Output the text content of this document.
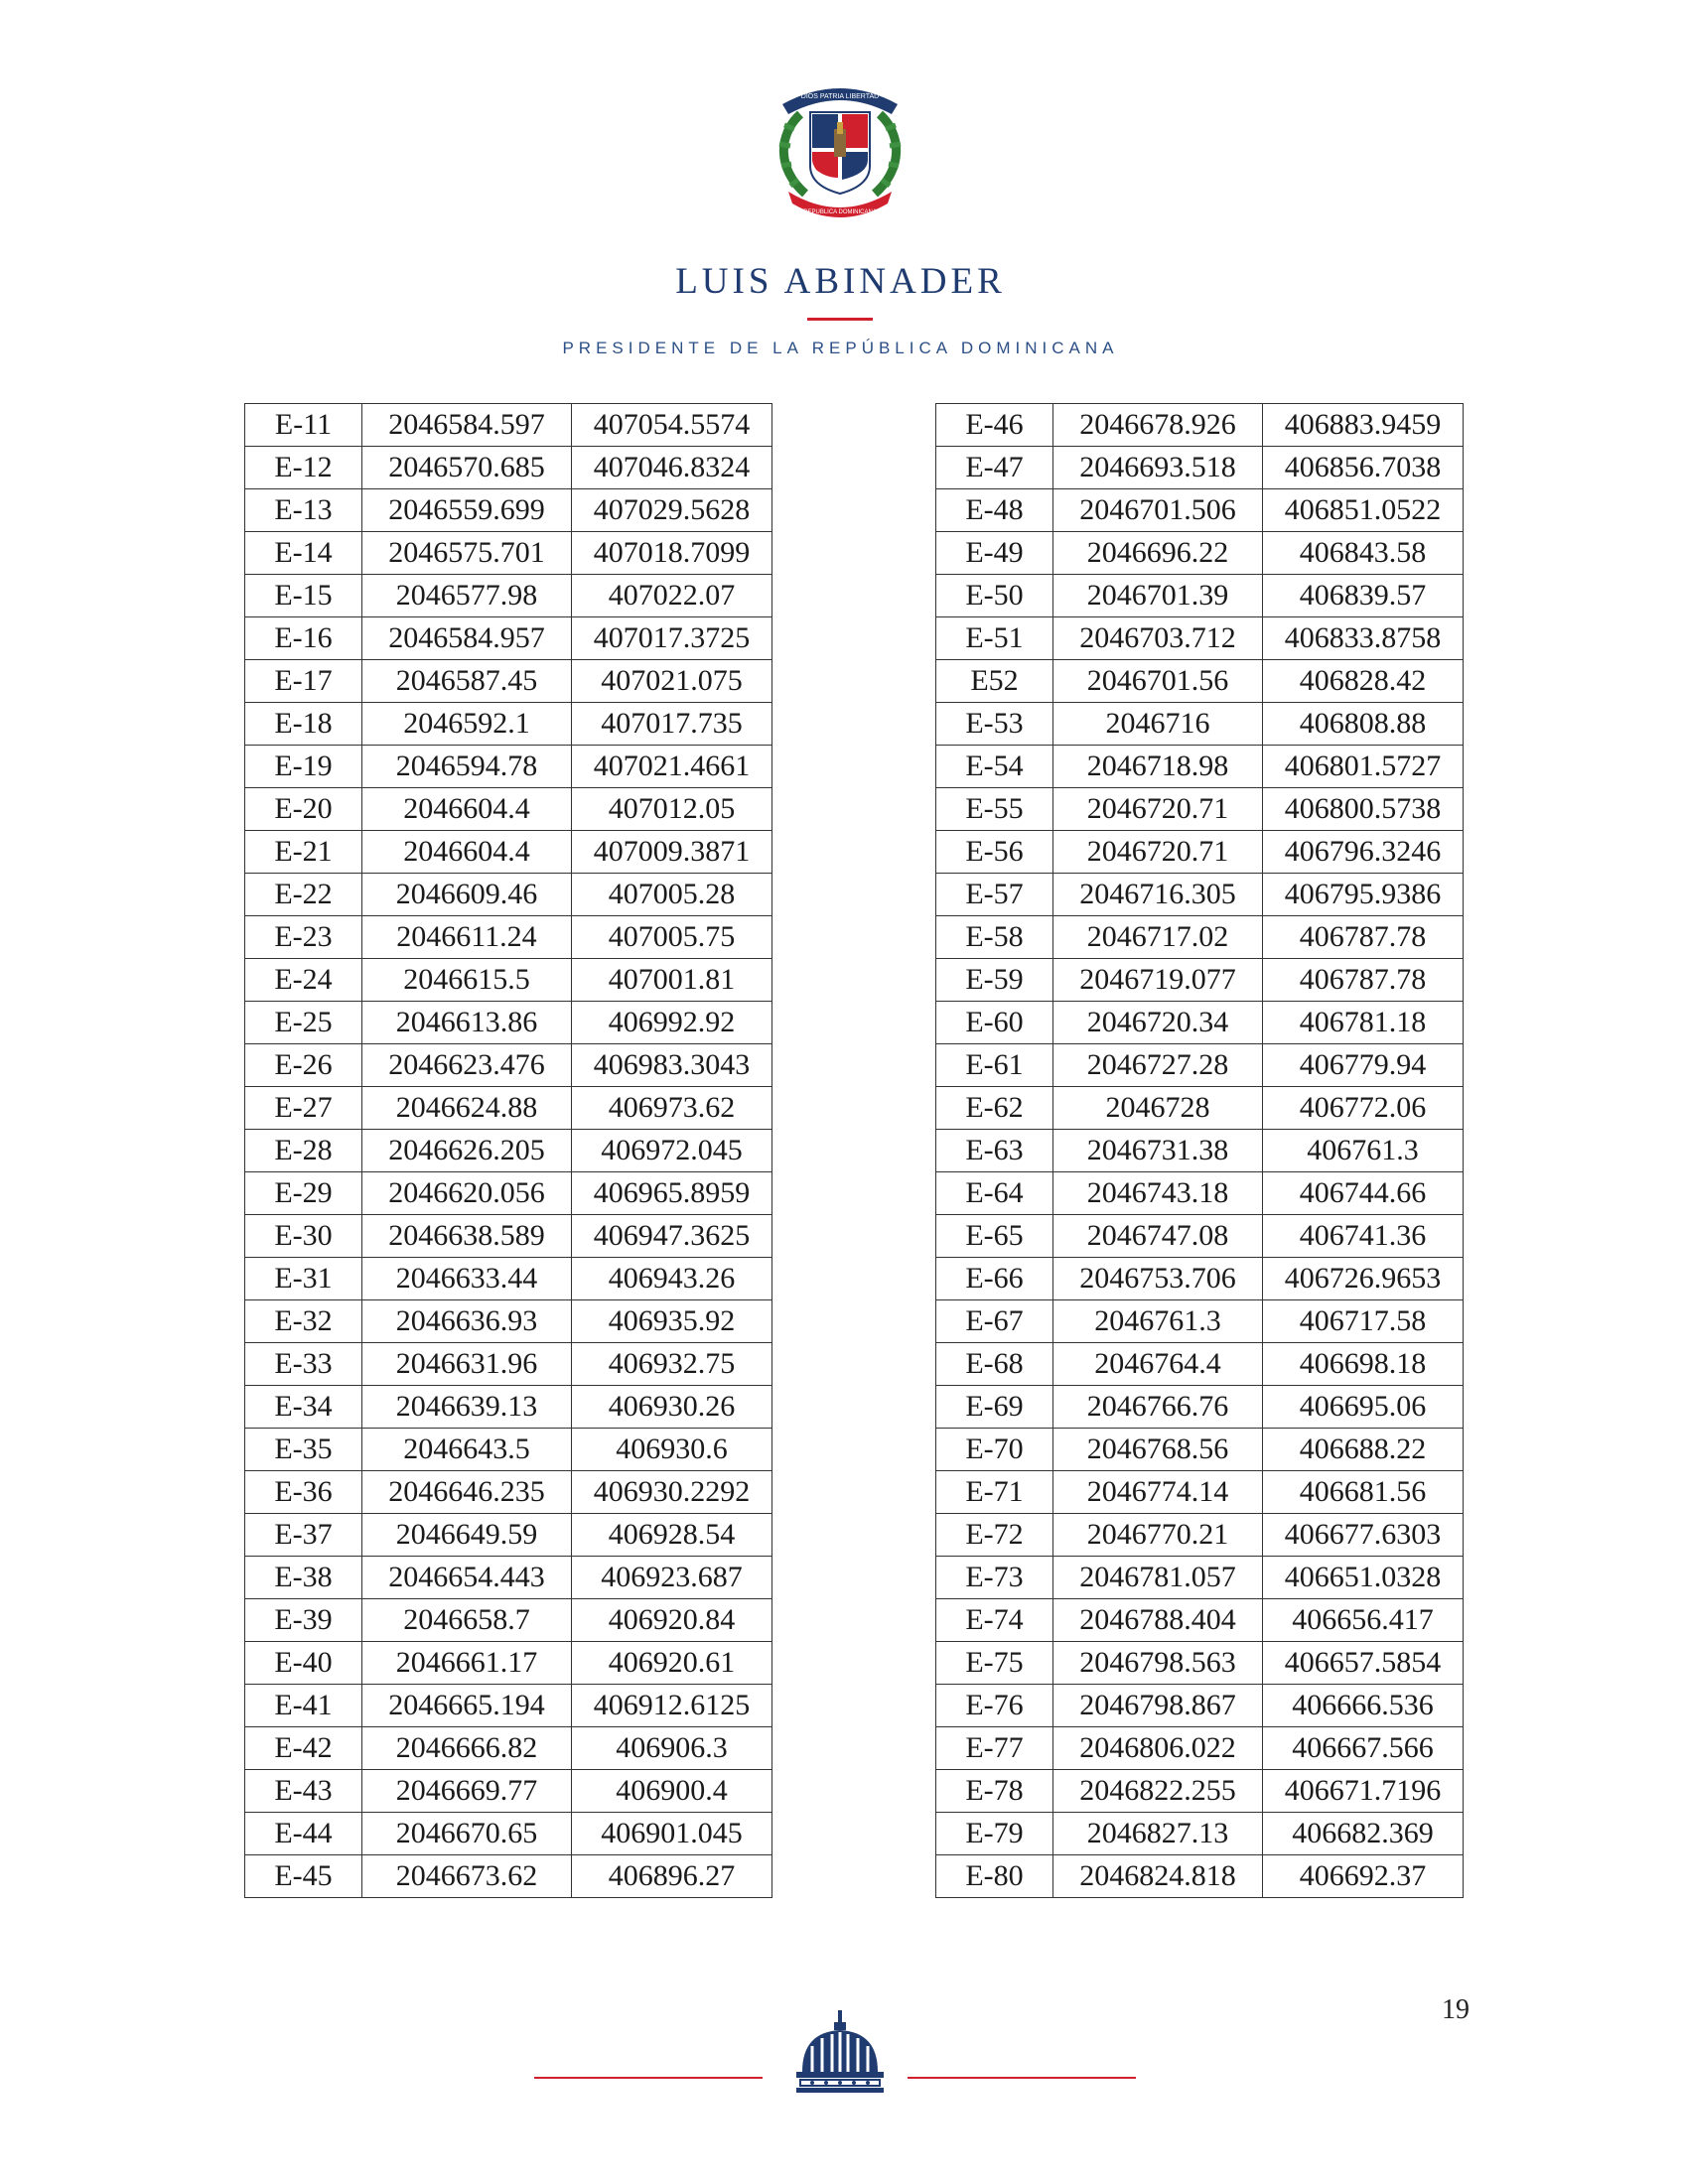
DIOS PATRIA LIBERTAD
REPUBLICA DOMINICANA
LUIS ABINADER
PRESIDENTE DE LA REPÚBLICA DOMINICANA
E-11	2046584.597	407054.5574
E-12	2046570.685	407046.8324
E-13	2046559.699	407029.5628
E-14	2046575.701	407018.7099
E-15	2046577.98	407022.07
E-16	2046584.957	407017.3725
E-17	2046587.45	407021.075
E-18	2046592.1	407017.735
E-19	2046594.78	407021.4661
E-20	2046604.4	407012.05
E-21	2046604.4	407009.3871
E-22	2046609.46	407005.28
E-23	2046611.24	407005.75
E-24	2046615.5	407001.81
E-25	2046613.86	406992.92
E-26	2046623.476	406983.3043
E-27	2046624.88	406973.62
E-28	2046626.205	406972.045
E-29	2046620.056	406965.8959
E-30	2046638.589	406947.3625
E-31	2046633.44	406943.26
E-32	2046636.93	406935.92
E-33	2046631.96	406932.75
E-34	2046639.13	406930.26
E-35	2046643.5	406930.6
E-36	2046646.235	406930.2292
E-37	2046649.59	406928.54
E-38	2046654.443	406923.687
E-39	2046658.7	406920.84
E-40	2046661.17	406920.61
E-41	2046665.194	406912.6125
E-42	2046666.82	406906.3
E-43	2046669.77	406900.4
E-44	2046670.65	406901.045
E-45	2046673.62	406896.27
E-46	2046678.926	406883.9459
E-47	2046693.518	406856.7038
E-48	2046701.506	406851.0522
E-49	2046696.22	406843.58
E-50	2046701.39	406839.57
E-51	2046703.712	406833.8758
E52	2046701.56	406828.42
E-53	2046716	406808.88
E-54	2046718.98	406801.5727
E-55	2046720.71	406800.5738
E-56	2046720.71	406796.3246
E-57	2046716.305	406795.9386
E-58	2046717.02	406787.78
E-59	2046719.077	406787.78
E-60	2046720.34	406781.18
E-61	2046727.28	406779.94
E-62	2046728	406772.06
E-63	2046731.38	406761.3
E-64	2046743.18	406744.66
E-65	2046747.08	406741.36
E-66	2046753.706	406726.9653
E-67	2046761.3	406717.58
E-68	2046764.4	406698.18
E-69	2046766.76	406695.06
E-70	2046768.56	406688.22
E-71	2046774.14	406681.56
E-72	2046770.21	406677.6303
E-73	2046781.057	406651.0328
E-74	2046788.404	406656.417
E-75	2046798.563	406657.5854
E-76	2046798.867	406666.536
E-77	2046806.022	406667.566
E-78	2046822.255	406671.7196
E-79	2046827.13	406682.369
E-80	2046824.818	406692.37
19
